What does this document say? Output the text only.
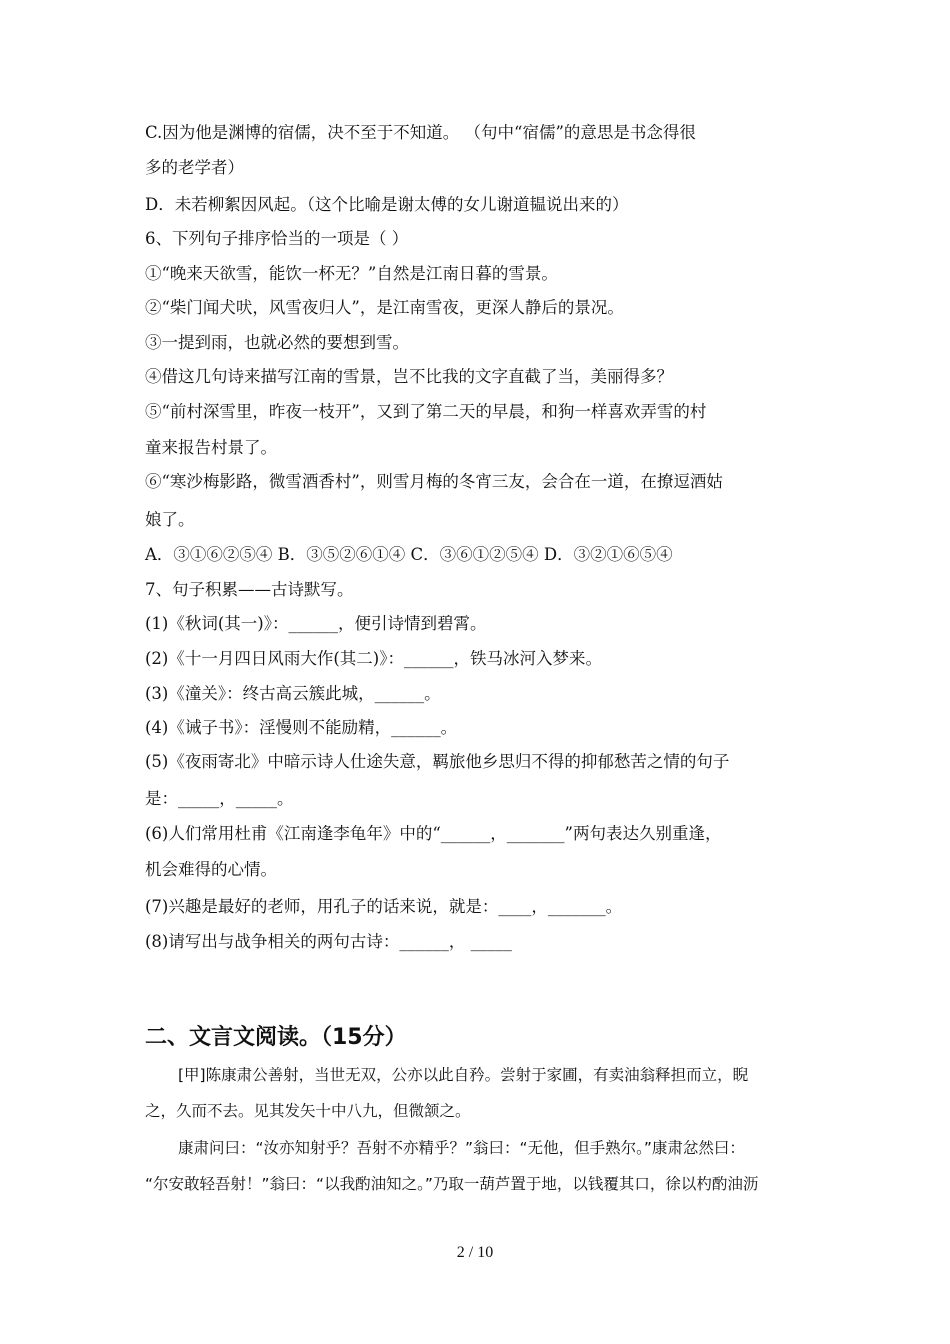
C.因为他是渊博的宿儒，决不至于不知道。 （句中“宿儒”的意思是书念得很
多的老学者）
D．未若柳絮因风起。（这个比喻是谢太傅的女儿谢道韫说出来的）
6、下列句子排序恰当的一项是（ ）
①“晚来天欲雪，能饮一杯无？”自然是江南日暮的雪景。
②“柴门闻犬吠，风雪夜归人”，是江南雪夜，更深人静后的景况。
③一提到雨，也就必然的要想到雪。
④借这几句诗来描写江南的雪景，岂不比我的文字直截了当，美丽得多？
⑤“前村深雪里，昨夜一枝开”，又到了第二天的早晨，和狗一样喜欢弄雪的村
童来报告村景了。
⑥“寒沙梅影路，微雪酒香村”，则雪月梅的冬宵三友，会合在一道，在撩逗酒姑
娘了。
A．③①⑥②⑤④ B．③⑤②⑥①④ C．③⑥①②⑤④ D．③②①⑥⑤④
7、句子积累——古诗默写。
(1)《秋词(其一)》：______，便引诗情到碧霄。
(2)《十一月四日风雨大作(其二)》：______，铁马冰河入梦来。
(3)《潼关》：终古高云簇此城，______。
(4)《诫子书》：淫慢则不能励精，______。
(5)《夜雨寄北》中暗示诗人仕途失意，羁旅他乡思归不得的抑郁愁苦之情的句子
是：_____，_____。
(6)人们常用杜甫《江南逢李龟年》中的“______，_______”两句表达久别重逢，
机会难得的心情。
(7)兴趣是最好的老师，用孔子的话来说，就是：____，_______。
(8)请写出与战争相关的两句古诗：______， _____
二、文言文阅读。（15分）
[甲]陈康肃公善射，当世无双，公亦以此自矜。尝射于家圃，有卖油翁释担而立，睨
之，久而不去。见其发矢十中八九，但微颔之。
康肃问曰：“汝亦知射乎？吾射不亦精乎？”翁曰：“无他，但手熟尔。”康肃忿然曰：
“尔安敢轻吾射！”翁曰：“以我酌油知之。”乃取一葫芦置于地，以钱覆其口，徐以杓酌油沥
2 / 10
